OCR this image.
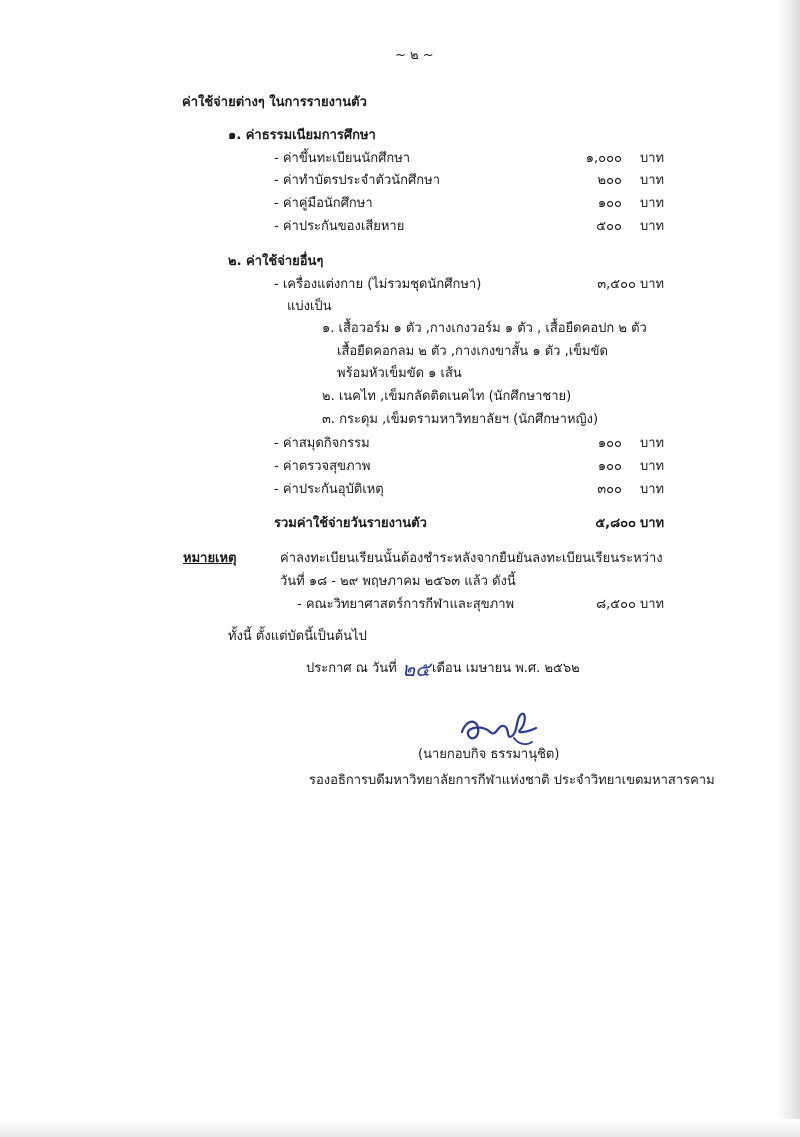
~ ๒ ~
ค่าใช้จ่ายต่างๆ ในการรายงานตัว
๑. ค่าธรรมเนียมการศึกษา
- ค่าขึ้นทะเบียนนักศึกษา	๑,๐๐๐ บาท
- ค่าทำบัตรประจำตัวนักศึกษา	๒๐๐ บาท
- ค่าคู่มือนักศึกษา	๑๐๐ บาท
- ค่าประกันของเสียหาย	๕๐๐ บาท
๒. ค่าใช้จ่ายอื่นๆ
- เครื่องแต่งกาย (ไม่รวมชุดนักศึกษา)	๓,๕๐๐ บาท
แบ่งเป็น
๑. เสื้อวอร์ม ๑ ตัว ,กางเกงวอร์ม ๑ ตัว , เสื้อยืดคอปก ๒ ตัว
เสื้อยืดคอกลม ๒ ตัว ,กางเกงขาสั้น ๑ ตัว ,เข็มขัด
พร้อมหัวเข็มขัด ๑ เส้น
๒. เนคไท ,เข็มกลัดติดเนคไท (นักศึกษาชาย)
๓. กระดุม ,เข็มตรามหาวิทยาลัยฯ (นักศึกษาหญิง)
- ค่าสมุดกิจกรรม	๑๐๐ บาท
- ค่าตรวจสุขภาพ	๑๐๐ บาท
- ค่าประกันอุบัติเหตุ	๓๐๐ บาท
รวมค่าใช้จ่ายวันรายงานตัว	๕,๘๐๐ บาท
หมายเหตุ	ค่าลงทะเบียนเรียนนั้นต้องชำระหลังจากยืนยันลงทะเบียนเรียนระหว่าง
วันที่ ๑๘ - ๒๙ พฤษภาคม ๒๕๖๓ แล้ว ดังนี้
- คณะวิทยาศาสตร์การกีฬาและสุขภาพ	๘,๕๐๐ บาท
ทั้งนี้ ตั้งแต่บัดนี้เป็นต้นไป
ประกาศ ณ วันที่ ๒๕ เดือน เมษายน พ.ศ. ๒๕๖๒
(นายกอบกิจ ธรรมานุชิต)
รองอธิการบดีมหาวิทยาลัยการกีฬาแห่งชาติ ประจำวิทยาเขตมหาสารคาม
